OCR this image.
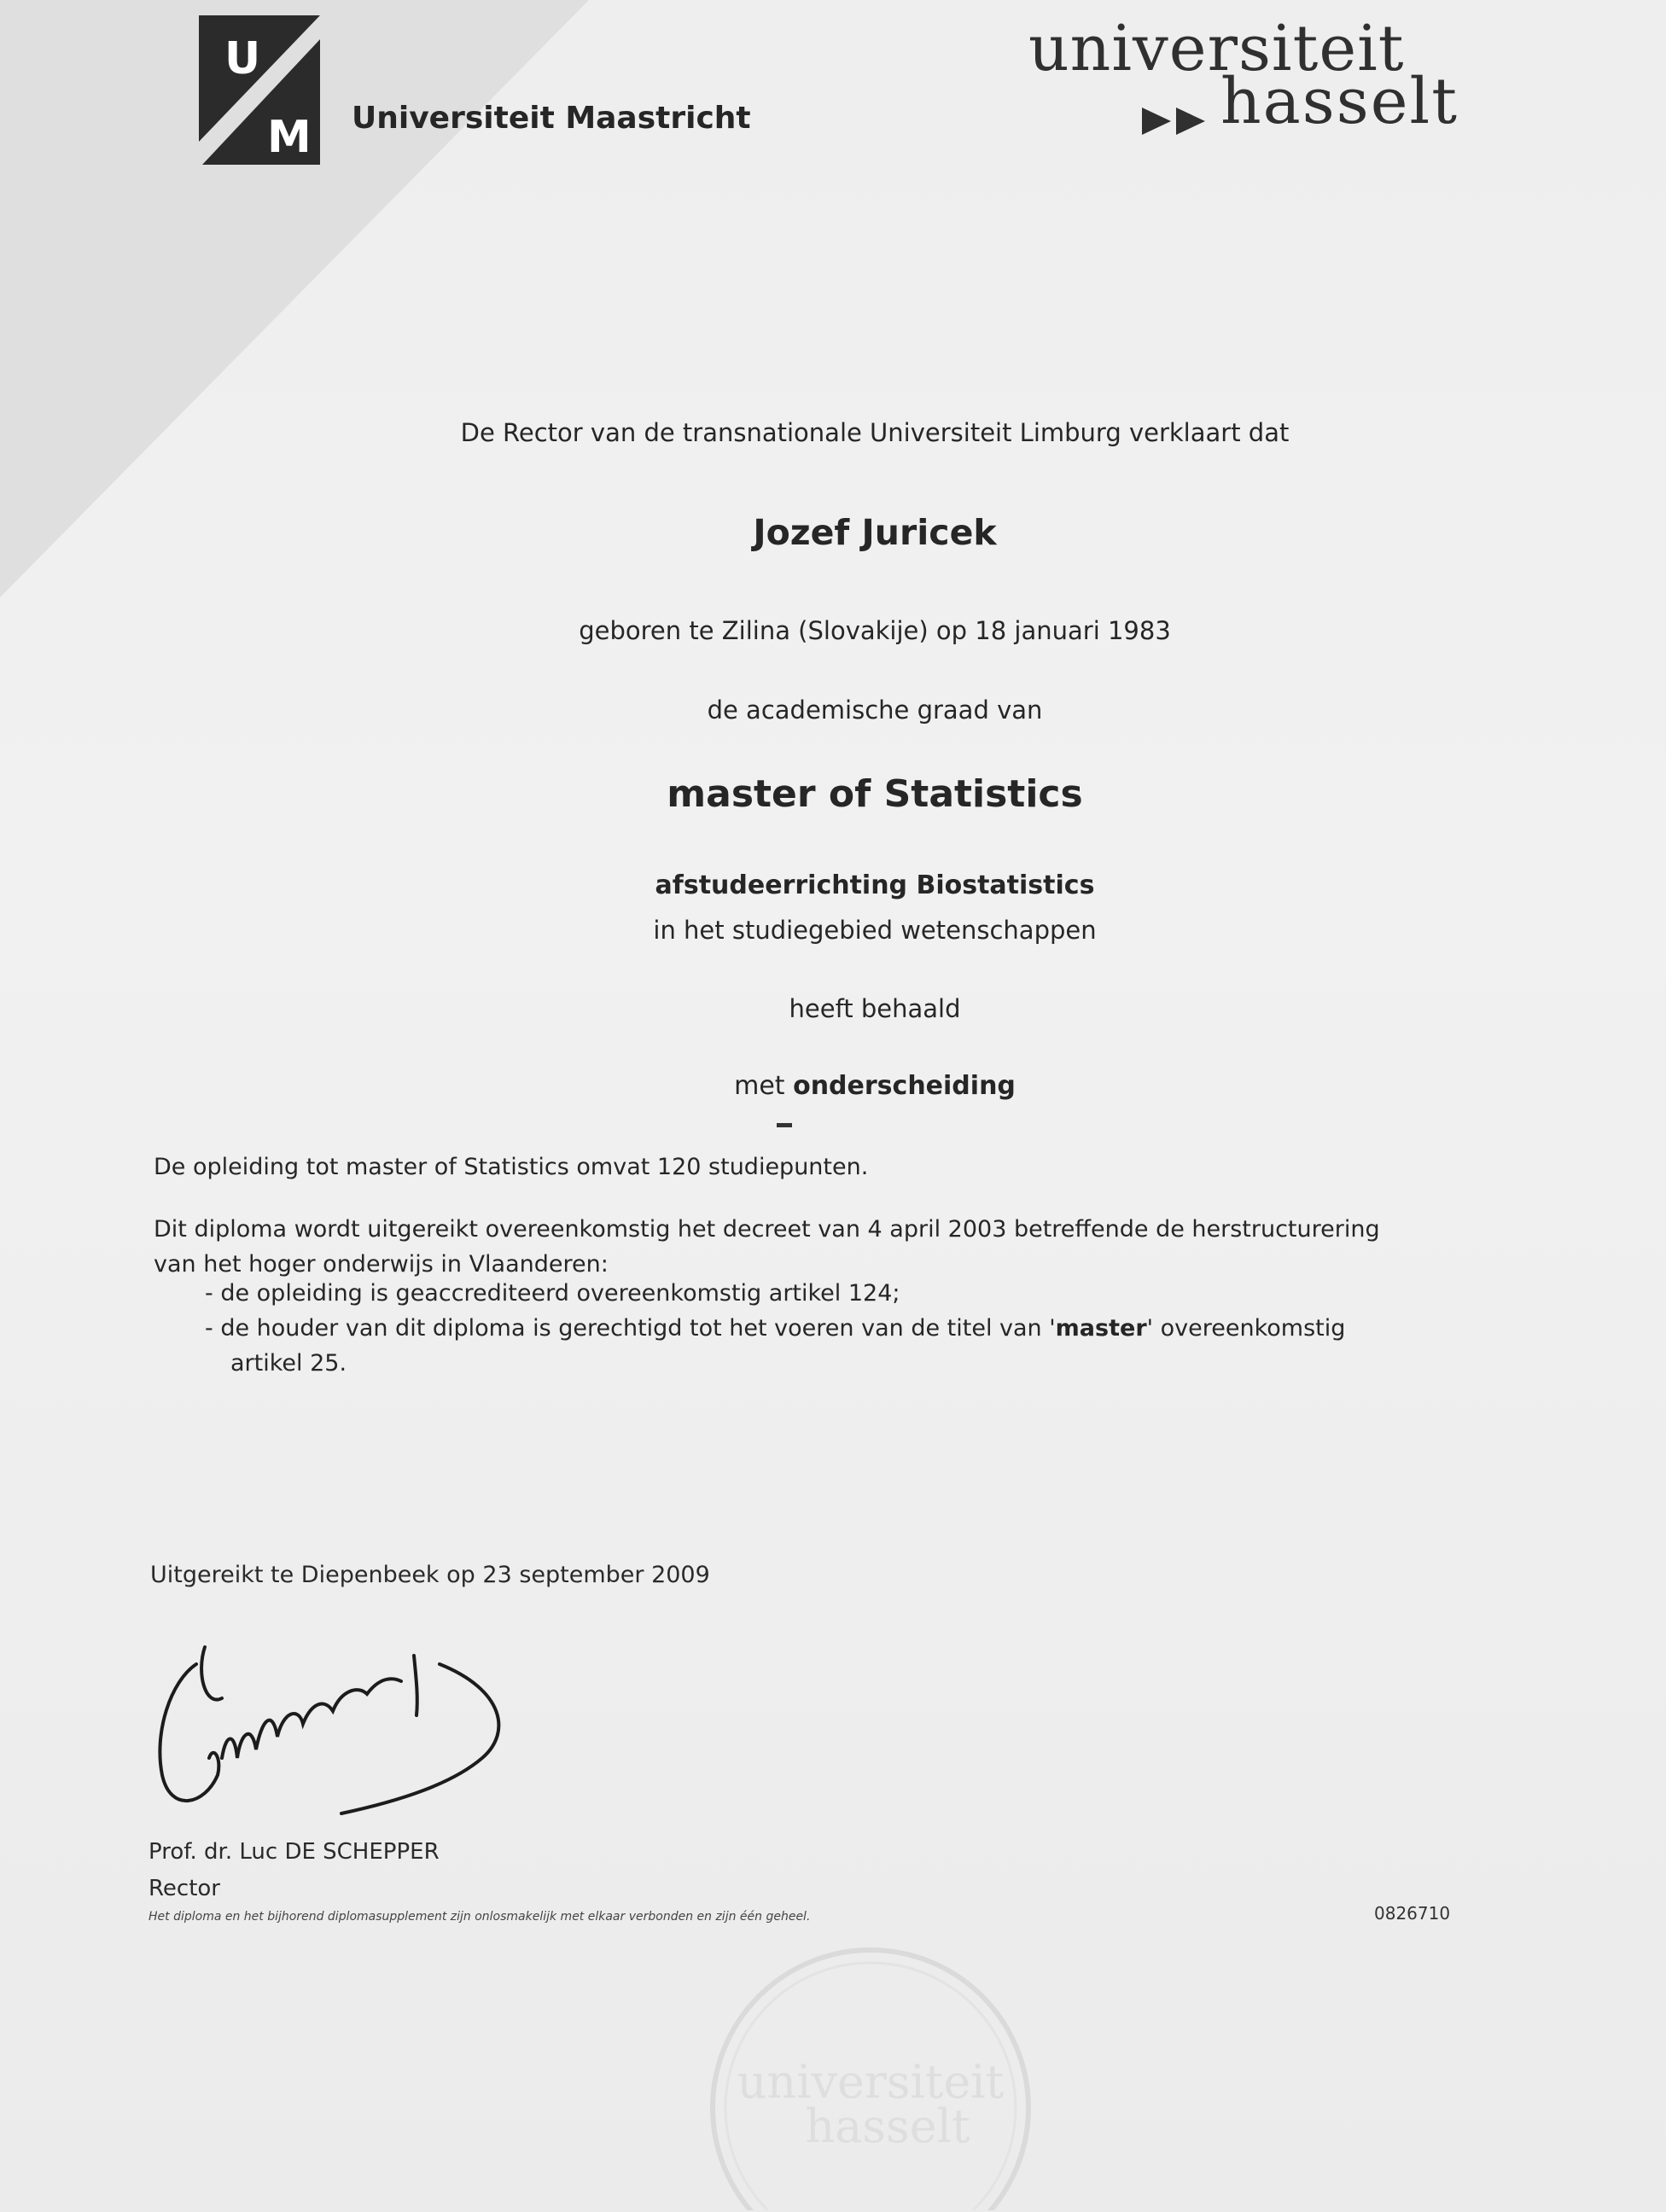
U
M Universiteit Maastricht
universiteit
hasselt
De Rector van de transnationale Universiteit Limburg verklaart dat
Jozef Juricek
geboren te Zilina (Slovakije) op 18 januari 1983
de academische graad van
master of Statistics
afstudeerrichting Biostatistics
in het studiegebied wetenschappen
heeft behaald
met onderscheiding
De opleiding tot master of Statistics omvat 120 studiepunten.
Dit diploma wordt uitgereikt overeenkomstig het decreet van 4 april 2003 betreffende de herstructurering
van het hoger onderwijs in Vlaanderen:
- de opleiding is geaccrediteerd overeenkomstig artikel 124;
- de houder van dit diploma is gerechtigd tot het voeren van de titel van 'master' overeenkomstig
artikel 25.
Uitgereikt te Diepenbeek op 23 september 2009
Prof. dr. Luc DE SCHEPPER
Rector
Het diploma en het bijhorend diplomasupplement zijn onlosmakelijk met elkaar verbonden en zijn één geheel.	0826710
universiteit
hasselt
